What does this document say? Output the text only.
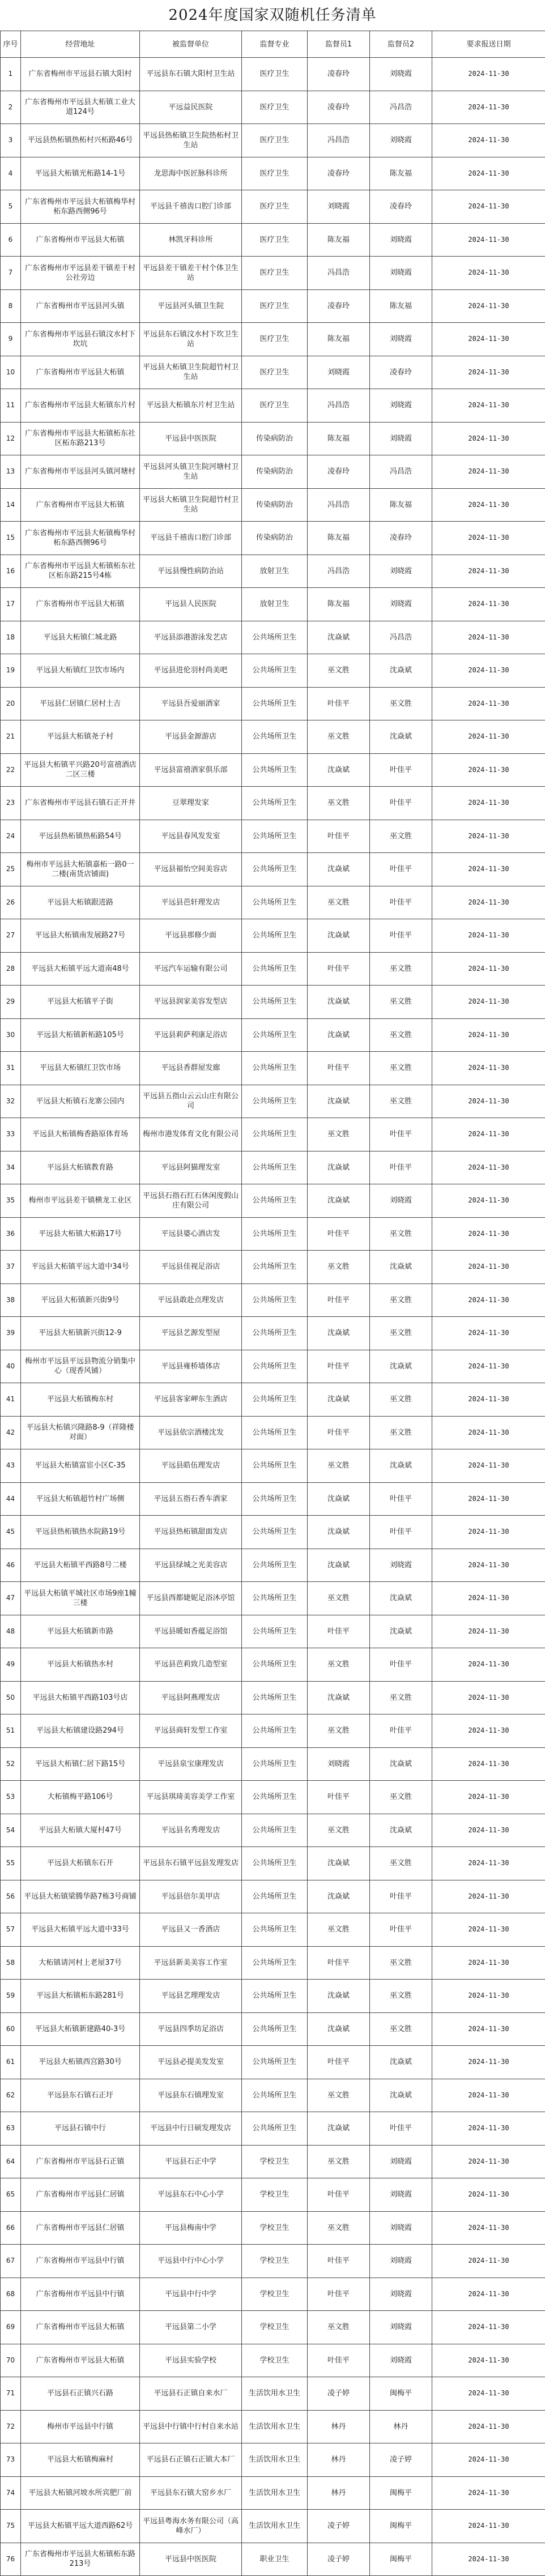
2024年度国家双随机任务清单
序号	经营地址	被监督单位	监督专业	监督员1	监督员2	要求报送日期
1	广东省梅州市平远县石镇大阳村	平远县东石镇大阳村卫生站	医疗卫生	凌春玲	刘晓霞	2024-11-30
2	广东省梅州市平远县大柘镇工业大道124号	平远益民医院	医疗卫生	凌春玲	冯昌浩	2024-11-30
3	平远县热柘镇热柘村兴柘路46号	平远县热柘镇卫生院热柘村卫生站	医疗卫生	冯昌浩	刘晓霞	2024-11-30
4	平远县大柘镇光柘路14-1号	龙思海中医匠脉科诊所	医疗卫生	凌春玲	陈友福	2024-11-30
5	广东省梅州市平远县大柘镇梅华村柘东路西侧96号	平远县千禧齿口腔门诊部	医疗卫生	刘晓霞	凌春玲	2024-11-30
6	广东省梅州市平远县大柘镇	林凯牙科诊所	医疗卫生	陈友福	刘晓霞	2024-11-30
7	广东省梅州市平远县差干镇差干村公社旁边	平远县差干镇差干村个体卫生站	医疗卫生	冯昌浩	刘晓霞	2024-11-30
8	广东省梅州市平远县河头镇	平远县河头镇卫生院	医疗卫生	凌春玲	陈友福	2024-11-30
9	广东省梅州市平远县石镇汶水村下坎坑	平远县东石镇汶水村下坎卫生站	医疗卫生	陈友福	刘晓霞	2024-11-30
10	广东省梅州市平远县大柘镇	平远县大柘镇卫生院超竹村卫生站	医疗卫生	刘晓霞	凌春玲	2024-11-30
11	广东省梅州市平远县大柘镇东片村	平远县大柘镇东片村卫生站	医疗卫生	冯昌浩	刘晓霞	2024-11-30
12	广东省梅州市平远县大柘镇柘东社区柘东路213号	平远县中医医院	传染病防治	陈友福	刘晓霞	2024-11-30
13	广东省梅州市平远县河头镇河塘村	平远县河头镇卫生院河塘村卫生站	传染病防治	凌春玲	冯昌浩	2024-11-30
14	广东省梅州市平远县大柘镇	平远县大柘镇卫生院超竹村卫生站	传染病防治	冯昌浩	陈友福	2024-11-30
15	广东省梅州市平远县大柘镇梅华村柘东路西侧96号	平远县千禧齿口腔门诊部	传染病防治	陈友福	凌春玲	2024-11-30
16	广东省梅州市平远县大柘镇柘东社区柘东路215号4栋	平远县慢性病防治站	放射卫生	冯昌浩	刘晓霞	2024-11-30
17	广东省梅州市平远县大柘镇	平远县人民医院	放射卫生	陈友福	刘晓霞	2024-11-30
18	平远县大柘镇仁城北路	平远县添港游泳发艺店	公共场所卫生	沈焱斌	冯昌浩	2024-11-30
19	平远县大柘镇红卫饮市场内	平远县进伦羽村尚美吧	公共场所卫生	巫文胜	沈焱斌	2024-11-30
20	平远县仁居镇仁居村土吉	平远县吾爱丽酒家	公共场所卫生	叶佳平	巫文胜	2024-11-30
21	平远县大柘镇尧子村	平远县金源游店	公共场所卫生	巫文胜	沈焱斌	2024-11-30
22	平远县大柘镇平兴路20号富禧酒店二区三楼	平远县富禧酒家俱乐部	公共场所卫生	沈焱斌	叶佳平	2024-11-30
23	广东省梅州市平远县石镇石正开井	豆翠理发家	公共场所卫生	巫文胜	叶佳平	2024-11-30
24	平远县热柘镇热柘路54号	平远县春风发发室	公共场所卫生	叶佳平	巫文胜	2024-11-30
25	梅州市平远县大柘镇嘉柘一路0一二楼(南货店铺面)	平远县福怡空间美容店	公共场所卫生	沈焱斌	叶佳平	2024-11-30
26	平远县大柘镇跟进路	平远县芭轩理发店	公共场所卫生	巫文胜	叶佳平	2024-11-30
27	平远县大柘镇南发展路27号	平远县那修少面	公共场所卫生	沈焱斌	叶佳平	2024-11-30
28	平远县大柘镇平远大道南48号	平远汽车运输有限公司	公共场所卫生	叶佳平	巫文胜	2024-11-30
29	平远县大柘镇平子街	平远县润家美容发型店	公共场所卫生	沈焱斌	巫文胜	2024-11-30
30	平远县大柘镇新柘路105号	平远县莉萨利康足浴店	公共场所卫生	沈焱斌	巫文胜	2024-11-30
31	平远县大柘镇红卫饮市场	平远县香群屋发廊	公共场所卫生	叶佳平	巫文胜	2024-11-30
32	平远县大柘镇石龙寨公园内	平远县五指山云云山庄有限公司	公共场所卫生	沈焱斌	巫文胜	2024-11-30
33	平远县大柘镇梅香路原体育场	梅州市港发体育文化有限公司	公共场所卫生	巫文胜	叶佳平	2024-11-30
34	平远县大柘镇教育路	平远县阿猫理发室	公共场所卫生	沈焱斌	叶佳平	2024-11-30
35	梅州市平远县差干镇横龙工业区	平远县石指石红石休闲度假山庄有限公司	公共场所卫生	沈焱斌	刘晓霞	2024-11-30
36	平远县大柘镇大柘路17号	平远县婆心酒店发	公共场所卫生	叶佳平	巫文胜	2024-11-30
37	平远县大柘镇平远大道中34号	平远县佳视足浴店	公共场所卫生	巫文胜	沈焱斌	2024-11-30
38	平远县大柘镇新兴街9号	平远县敢赴点理发店	公共场所卫生	叶佳平	巫文胜	2024-11-30
39	平远县大柘镇新兴街12-9	平远县艺源发型屋	公共场所卫生	沈焱斌	巫文胜	2024-11-30
40	梅州市平远县平远县物流分销集中心（现香风铺）	平远县雍桥墙体店	公共场所卫生	叶佳平	沈焱斌	2024-11-30
41	平远县大柘镇梅东村	平远县客家岬东生酒店	公共场所卫生	沈焱斌	巫文胜	2024-11-30
42	平远县大柘镇兴隆路8-9（祥隆楼对面）	平远县依宗酒楼沈发	公共场所卫生	叶佳平	巫文胜	2024-11-30
43	平远县大柘镇富宦小区C-35	平远县皓伍理发店	公共场所卫生	巫文胜	沈焱斌	2024-11-30
44	平远县大柘镇超竹村广场侧	平远县五指石香车酒家	公共场所卫生	沈焱斌	叶佳平	2024-11-30
45	平远县热柘镇热水院路19号	平远县热柘镇甜面发店	公共场所卫生	沈焱斌	叶佳平	2024-11-30
46	平远县大柘镇平西路8号二楼	平远县绿城之光美容店	公共场所卫生	沈焱斌	刘晓霞	2024-11-30
47	平远县大柘镇平城社区市场9座1幢三楼	平远县西都婕妮足浴沐亭馆	公共场所卫生	巫文胜	沈焱斌	2024-11-30
48	平远县大柘镇新市路	平远县暖如香蕴足浴馆	公共场所卫生	叶佳平	沈焱斌	2024-11-30
49	平远县大柘镇热水村	平远县芭莉致几造型室	公共场所卫生	巫文胜	叶佳平	2024-11-30
50	平远县大柘镇平西路103号店	平远县阿燕理发店	公共场所卫生	沈焱斌	巫文胜	2024-11-30
51	平远县大柘镇建设路294号	平远县商轩发型工作室	公共场所卫生	巫文胜	叶佳平	2024-11-30
52	平远县大柘镇仁居下路15号	平远县泉宝康理发店	公共场所卫生	刘晓霞	沈焱斌	2024-11-30
53	大柘镇梅平路106号	平远县琪琦美容美学工作室	公共场所卫生	叶佳平	巫文胜	2024-11-30
54	平远县大柘镇大厦村47号	平远县名秀理发店	公共场所卫生	巫文胜	沈焱斌	2024-11-30
55	平远县大柘镇东石开	平远县东石镇平远县发理发店	公共场所卫生	沈焱斌	巫文胜	2024-11-30
56	平远县大柘镇梁腾华路7栋3号商铺	平远县倍尔美甲店	公共场所卫生	沈焱斌	叶佳平	2024-11-30
57	平远县大柘镇平远大道中33号	平远县又一香酒店	公共场所卫生	巫文胜	叶佳平	2024-11-30
58	大柘镇请河村上老屋37号	平远县新美美容工作室	公共场所卫生	叶佳平	巫文胜	2024-11-30
59	平远县大柘镇柘东路281号	平远县艺理理发店	公共场所卫生	沈焱斌	巫文胜	2024-11-30
60	平远县大柘镇新建路40-3号	平远县四季坊足浴店	公共场所卫生	沈焱斌	巫文胜	2024-11-30
61	平远县大柘镇西宫路30号	平远县必提美发发室	公共场所卫生	叶佳平	沈焱斌	2024-11-30
62	平远县东石镇石正圩	平远县东石镇理发室	公共场所卫生	巫文胜	沈焱斌	2024-11-30
63	平远县石镇中行	平远县中行日硕发理发店	公共场所卫生	沈焱斌	叶佳平	2024-11-30
64	广东省梅州市平远县石正镇	平远县石正中学	学校卫生	巫文胜	刘晓霞	2024-11-30
65	广东省梅州市平远县仁居镇	平远县东石中心小学	学校卫生	叶佳平	刘晓霞	2024-11-30
66	广东省梅州市平远县仁居镇	平远县梅南中学	学校卫生	巫文胜	刘晓霞	2024-11-30
67	广东省梅州市平远县中行镇	平远县中行中心小学	学校卫生	叶佳平	刘晓霞	2024-11-30
68	广东省梅州市平远县中行镇	平远县中行中学	学校卫生	叶佳平	刘晓霞	2024-11-30
69	广东省梅州市平远县大柘镇	平远县第二小学	学校卫生	巫文胜	刘晓霞	2024-11-30
70	广东省梅州市平远县大柘镇	平远县实验学校	学校卫生	叶佳平	刘晓霞	2024-11-30
71	平远县石正镇兴石路	平远县石正镇自来水厂	生活饮用水卫生	凌子婷	闽梅平	2024-11-30
72	梅州市平远县中行镇	平远县中行镇中行村自来水站	生活饮用水卫生	林丹	林丹	2024-11-30
73	平远县大柘镇梅麻村	平远县石正镇石正镇大本厂	生活饮用水卫生	林丹	凌子婷	2024-11-30
74	平远县大柘镇河坡水所宾肥厂前	平远县东石镇大窑乡水厂	生活饮用水卫生	林丹	闽梅平	2024-11-30
75	平远县大柘镇平远大道西路62号	平远县粤海水务有限公司（高峰水厂）	生活饮用水卫生	凌子婷	闽梅平	2024-11-30
76	广东省梅州市平远县大柘镇柘东路213号	平远县中医医院	职业卫生	凌子婷	闽梅平	2024-11-30
